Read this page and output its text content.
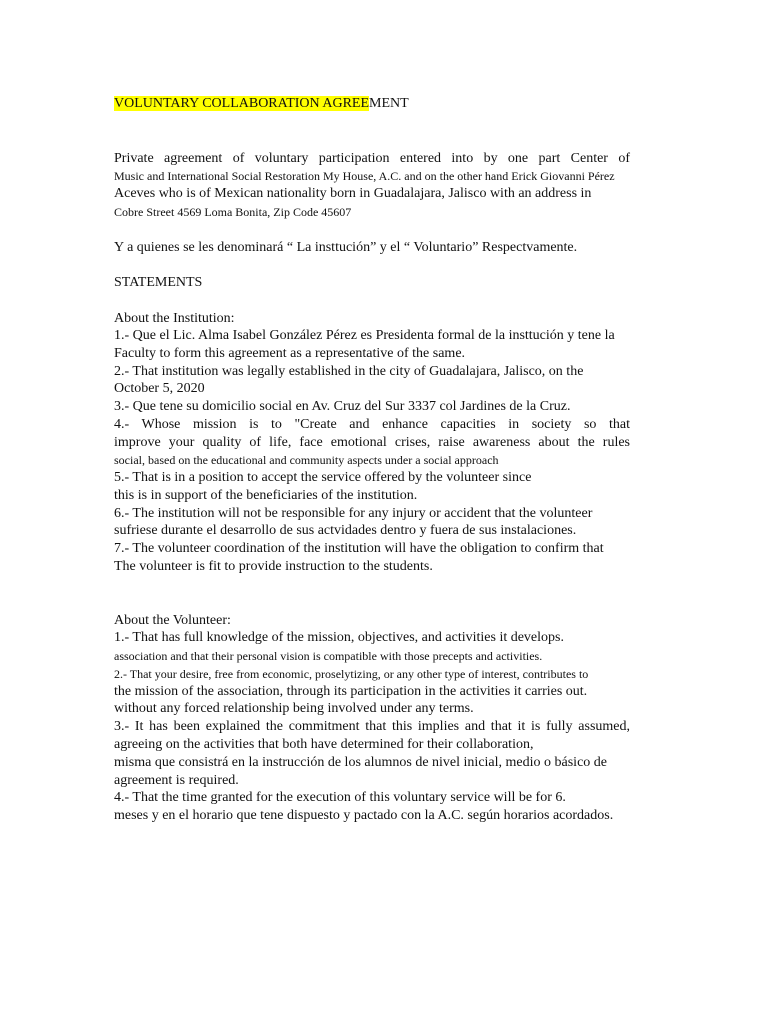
VOLUNTARY COLLABORATION AGREEMENT
Private agreement of voluntary participation entered into by one part Center of
Music and International Social Restoration My House, A.C. and on the other hand Erick Giovanni Pérez
Aceves who is of Mexican nationality born in Guadalajara, Jalisco with an address in
Cobre Street 4569 Loma Bonita, Zip Code 45607
Y a quienes se les denominará “ La insttución” y el “ Voluntario” Respectvamente.
STATEMENTS
About the Institution:
1.- Que el Lic. Alma Isabel González Pérez es Presidenta formal de la insttución y tene la
Faculty to form this agreement as a representative of the same.
2.- That institution was legally established in the city of Guadalajara, Jalisco, on the
October 5, 2020
3.- Que tene su domicilio social en Av. Cruz del Sur 3337 col Jardines de la Cruz.
4.- Whose mission is to "Create and enhance capacities in society so that
improve your quality of life, face emotional crises, raise awareness about the rules
social, based on the educational and community aspects under a social approach
5.- That is in a position to accept the service offered by the volunteer since
this is in support of the beneficiaries of the institution.
6.- The institution will not be responsible for any injury or accident that the volunteer
sufriese durante el desarrollo de sus actvidades dentro y fuera de sus instalaciones.
7.- The volunteer coordination of the institution will have the obligation to confirm that
The volunteer is fit to provide instruction to the students.
About the Volunteer:
1.- That has full knowledge of the mission, objectives, and activities it develops.
association and that their personal vision is compatible with those precepts and activities.
2.- That your desire, free from economic, proselytizing, or any other type of interest, contributes to
the mission of the association, through its participation in the activities it carries out.
without any forced relationship being involved under any terms.
3.- It has been explained the commitment that this implies and that it is fully assumed,
agreeing on the activities that both have determined for their collaboration,
misma que consistrá en la instrucción de los alumnos de nivel inicial, medio o básico de
agreement is required.
4.- That the time granted for the execution of this voluntary service will be for 6.
meses y en el horario que tene dispuesto y pactado con la A.C. según horarios acordados.
